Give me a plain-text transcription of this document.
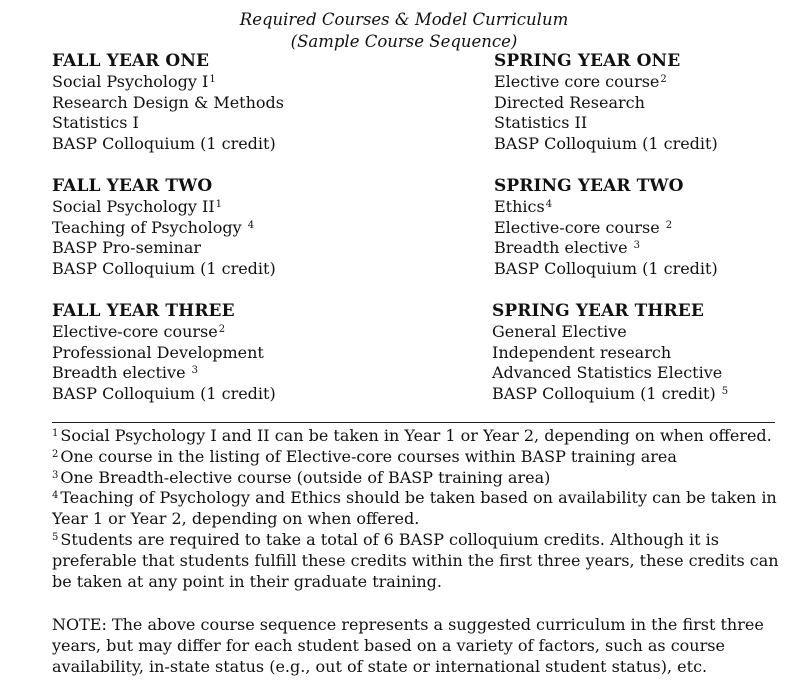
Required Courses & Model Curriculum
(Sample Course Sequence)
FALL YEAR ONE
Social Psychology $I^1$
Research Design & Methods
Statistics I
BASP Colloquium (1 credit)
SPRING YEAR ONE
Elective core course$^2$
Directed Research
Statistics II
BASP Colloquium (1 credit)
FALL YEAR TWO
Social Psychology $II^1$
Teaching of Psychology $^4$
BASP Pro-seminar
BASP Colloquium (1 credit)
SPRING YEAR TWO
Ethics$^4$
Elective-core course $^2$
Breadth elective $^3$
BASP Colloquium (1 credit)
FALL YEAR THREE
Elective-core course$^2$
Professional Development
Breadth elective $^3$
BASP Colloquium (1 credit)
SPRING YEAR THREE
General Elective
Independent research
Advanced Statistics Elective
BASP Colloquium (1 credit) $^5$

$^1$ Social Psychology I and II can be taken in Year 1 or Year 2, depending on when offered.

$^2$ One course in the listing of Elective-core courses within BASP training area

$^3$ One Breadth-elective course (outside of BASP training area)

$^4$ Teaching of Psychology and Ethics should be taken based on availability can be taken in Year 1 or Year 2, depending on when offered.

$^5$ Students are required to take a total of 6 BASP colloquium credits. Although it is preferable that students fulfill these credits within the first three years, these credits can be taken at any point in their graduate training.

NOTE: The above course sequence represents a suggested curriculum in the first three years, but may differ for each student based on a variety of factors, such as course availability, in-state status (e.g., out of state or international student status), etc.
